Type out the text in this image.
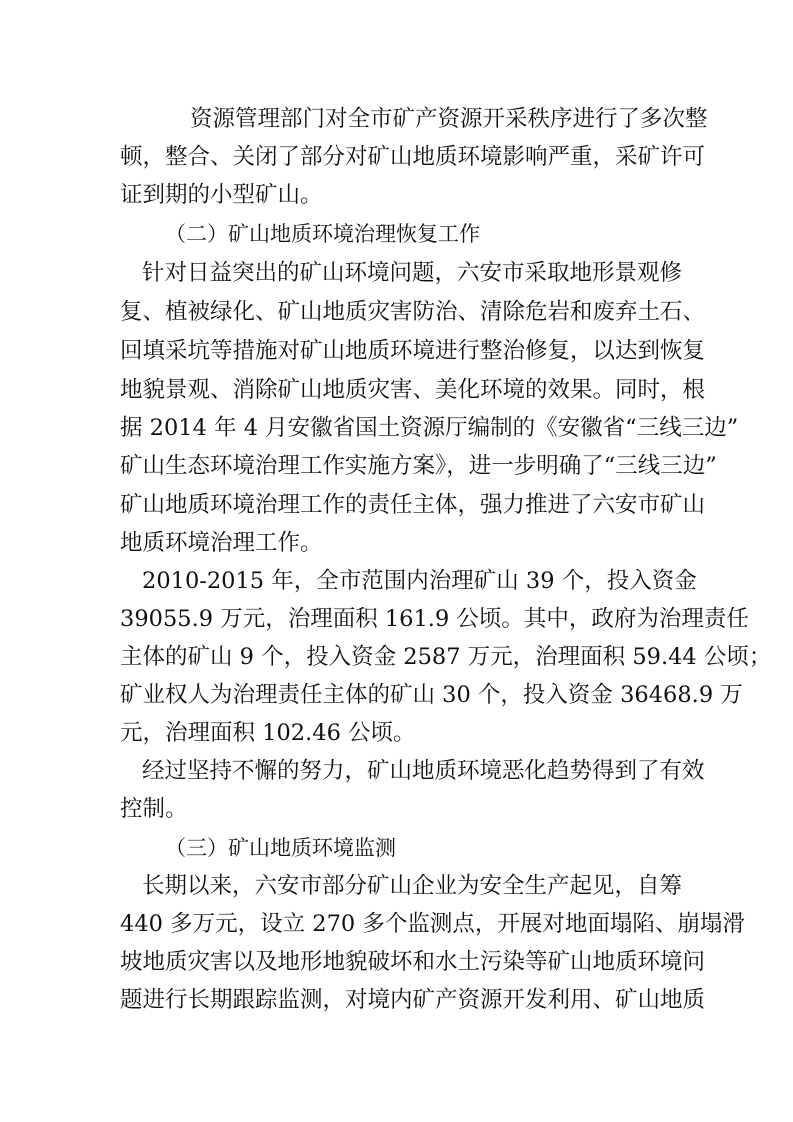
资源管理部门对全市矿产资源开采秩序进行了多次整

顿，整合、关闭了部分对矿山地质环境影响严重，采矿许可

证到期的小型矿山。

（二）矿山地质环境治理恢复工作

针对日益突出的矿山环境问题，六安市采取地形景观修

复、植被绿化、矿山地质灾害防治、清除危岩和废弃土石、

回填采坑等措施对矿山地质环境进行整治修复，以达到恢复

地貌景观、消除矿山地质灾害、美化环境的效果。同时，根

据 2014 年 4 月安徽省国土资源厅编制的《安徽省“三线三边”

矿山生态环境治理工作实施方案》，进一步明确了“三线三边”

矿山地质环境治理工作的责任主体，强力推进了六安市矿山

地质环境治理工作。

2010-2015 年，全市范围内治理矿山 39 个，投入资金

39055.9 万元，治理面积 161.9 公顷。其中，政府为治理责任

主体的矿山 9 个，投入资金 2587 万元，治理面积 59.44 公顷；

矿业权人为治理责任主体的矿山 30 个，投入资金 36468.9 万

元，治理面积 102.46 公顷。

经过坚持不懈的努力，矿山地质环境恶化趋势得到了有效

控制。

（三）矿山地质环境监测

长期以来，六安市部分矿山企业为安全生产起见，自筹

440 多万元，设立 270 多个监测点，开展对地面塌陷、崩塌滑

坡地质灾害以及地形地貌破坏和水土污染等矿山地质环境问

题进行长期跟踪监测，对境内矿产资源开发利用、矿山地质
